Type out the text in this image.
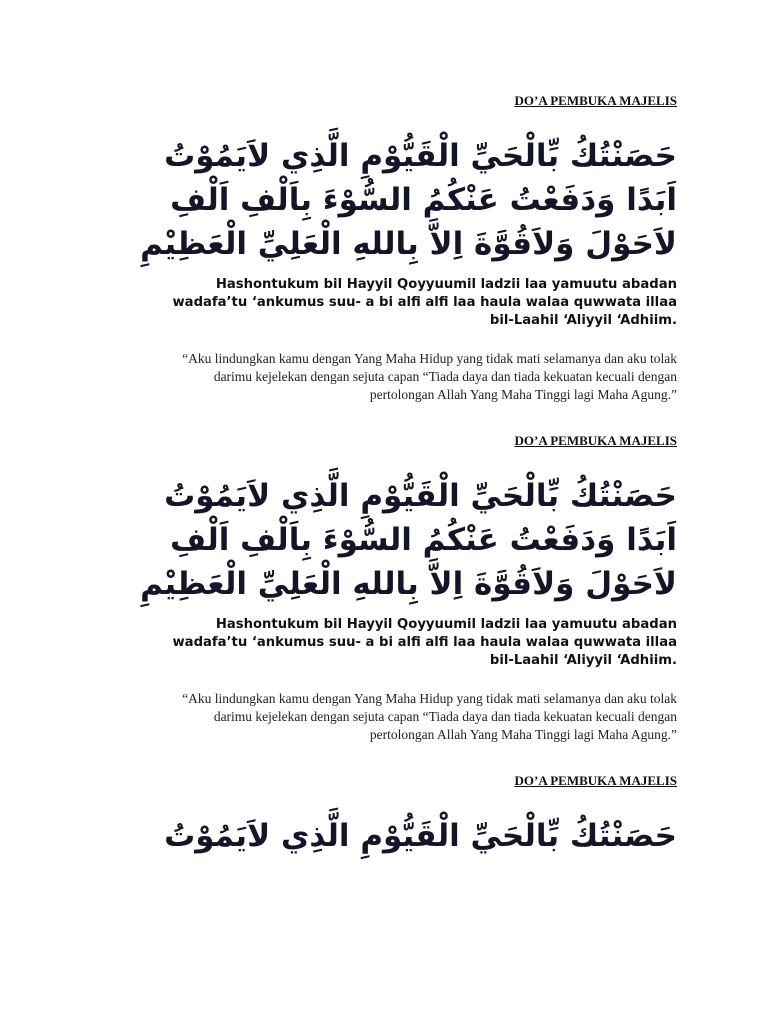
DO’A PEMBUKA MAJELIS
حَصَنْتُكُ بِّالْحَيِّ الْقَيُّوْمِ الَّذِي لاَيَمُوْتُ
اَبَدًا وَدَفَعْتُ عَنْكُمُ السُّوْءَ بِاَلْفِ اَلْفِ
لاَحَوْلَ وَلاَقُوَّةَ اِلاَّ بِاللهِ الْعَلِيِّ الْعَظِيْمِ
Hashontukum bil Hayyil Qoyyuumil ladzii laa yamuutu abadan
wadafa’tu ‘ankumus suu- a bi alfi alfi laa haula walaa quwwata illaa
bil-Laahil ‘Aliyyil ‘Adhiim.
“Aku lindungkan kamu dengan Yang Maha Hidup yang tidak mati selamanya dan aku tolak
darimu kejelekan dengan sejuta capan “Tiada daya dan tiada kekuatan kecuali dengan
pertolongan Allah Yang Maha Tinggi lagi Maha Agung.”
DO’A PEMBUKA MAJELIS
حَصَنْتُكُ بِّالْحَيِّ الْقَيُّوْمِ الَّذِي لاَيَمُوْتُ
اَبَدًا وَدَفَعْتُ عَنْكُمُ السُّوْءَ بِاَلْفِ اَلْفِ
لاَحَوْلَ وَلاَقُوَّةَ اِلاَّ بِاللهِ الْعَلِيِّ الْعَظِيْمِ
Hashontukum bil Hayyil Qoyyuumil ladzii laa yamuutu abadan
wadafa’tu ‘ankumus suu- a bi alfi alfi laa haula walaa quwwata illaa
bil-Laahil ‘Aliyyil ‘Adhiim.
“Aku lindungkan kamu dengan Yang Maha Hidup yang tidak mati selamanya dan aku tolak
darimu kejelekan dengan sejuta capan “Tiada daya dan tiada kekuatan kecuali dengan
pertolongan Allah Yang Maha Tinggi lagi Maha Agung.”
DO’A PEMBUKA MAJELIS
حَصَنْتُكُ بِّالْحَيِّ الْقَيُّوْمِ الَّذِي لاَيَمُوْتُ
